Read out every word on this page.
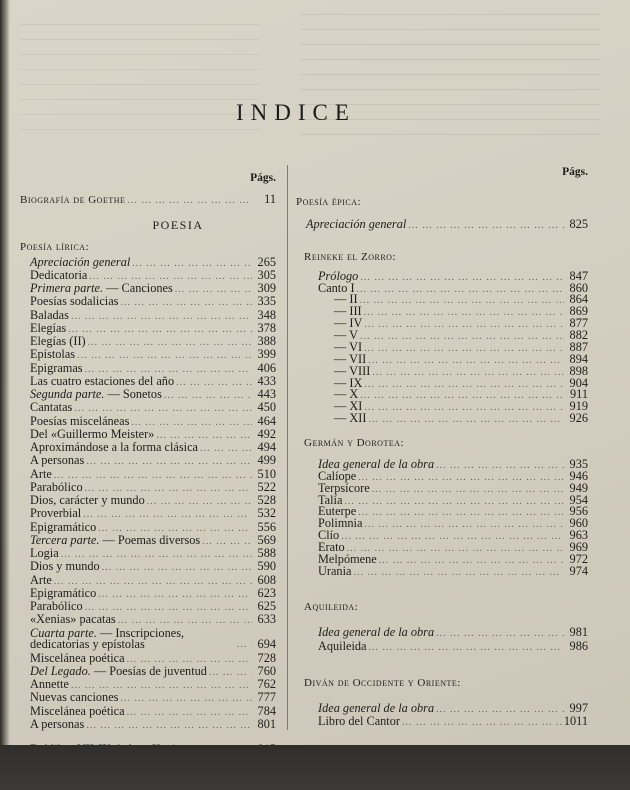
INDICE
Págs.
Biografía de Goethe ... .	11
POESIA
Poesía lírica:
Apreciación general ... .	265
Dedicatoria ... .	305
Primera parte. — Canciones ... .	309
Poesías sodalicias ... .	335
Baladas ... .	348
Elegías ... .	378
Elegías (II) ... .	388
Epístolas ... .	399
Epigramas ... .	406
Las cuatro estaciones del año ... .	433
Segunda parte. — Sonetos ... .	443
Cantatas ... .	450
Poesías misceláneas ... .	464
Del «Guillermo Meister» ... .	492
Aproximándose a la forma clásica ... .	494
A personas ... .	499
Arte ... .	510
Parabólico ... .	522
Dios, carácter y mundo ... .	528
Proverbial ... .	532
Epigramático ... .	556
Tercera parte. — Poemas diversos ... .	569
Logia ... .	588
Dios y mundo ... .	590
Arte ... .	608
Epigramático ... .	623
Parabólico ... .	625
«Xenias» pacatas ... .	633
Cuarta parte. — Inscripciones, dedicatorias y epístolas ... .	694
Miscelánea poética ... .	728
Del Legado. — Poesías de juventud ... .	760
Annette ... .	762
Nuevas canciones ... .	777
Miscelánea poética ... .	784
A personas ... .	801
... .
Págs.
Poesía épica:
Apreciación general ... .	825
Reineke el Zorro:
Prólogo ... .	847
Canto I ... .	860
— II ... .	864
— III ... .	869
— IV ... .	877
— V ... .	882
— VI ... .	887
— VII ... .	894
— VIII ... .	898
— IX ... .	904
— X ... .	911
— XI ... .	919
— XII ... .	926
Germán y Dorotea:
Idea general de la obra ... .	935
Calíope ... .	946
Terpsícore ... .	949
Talía ... .	954
Euterpe ... .	956
Polimnia ... .	960
Clío ... .	963
Erato ... .	969
Melpómene ... .	972
Urania ... .	974
Aquileida:
Idea general de la obra ... .	981
Aquileida ... .	986
Diván de Occidente y Oriente:
Idea general de la obra ... .	997
Libro del Cantor ... .	1011
